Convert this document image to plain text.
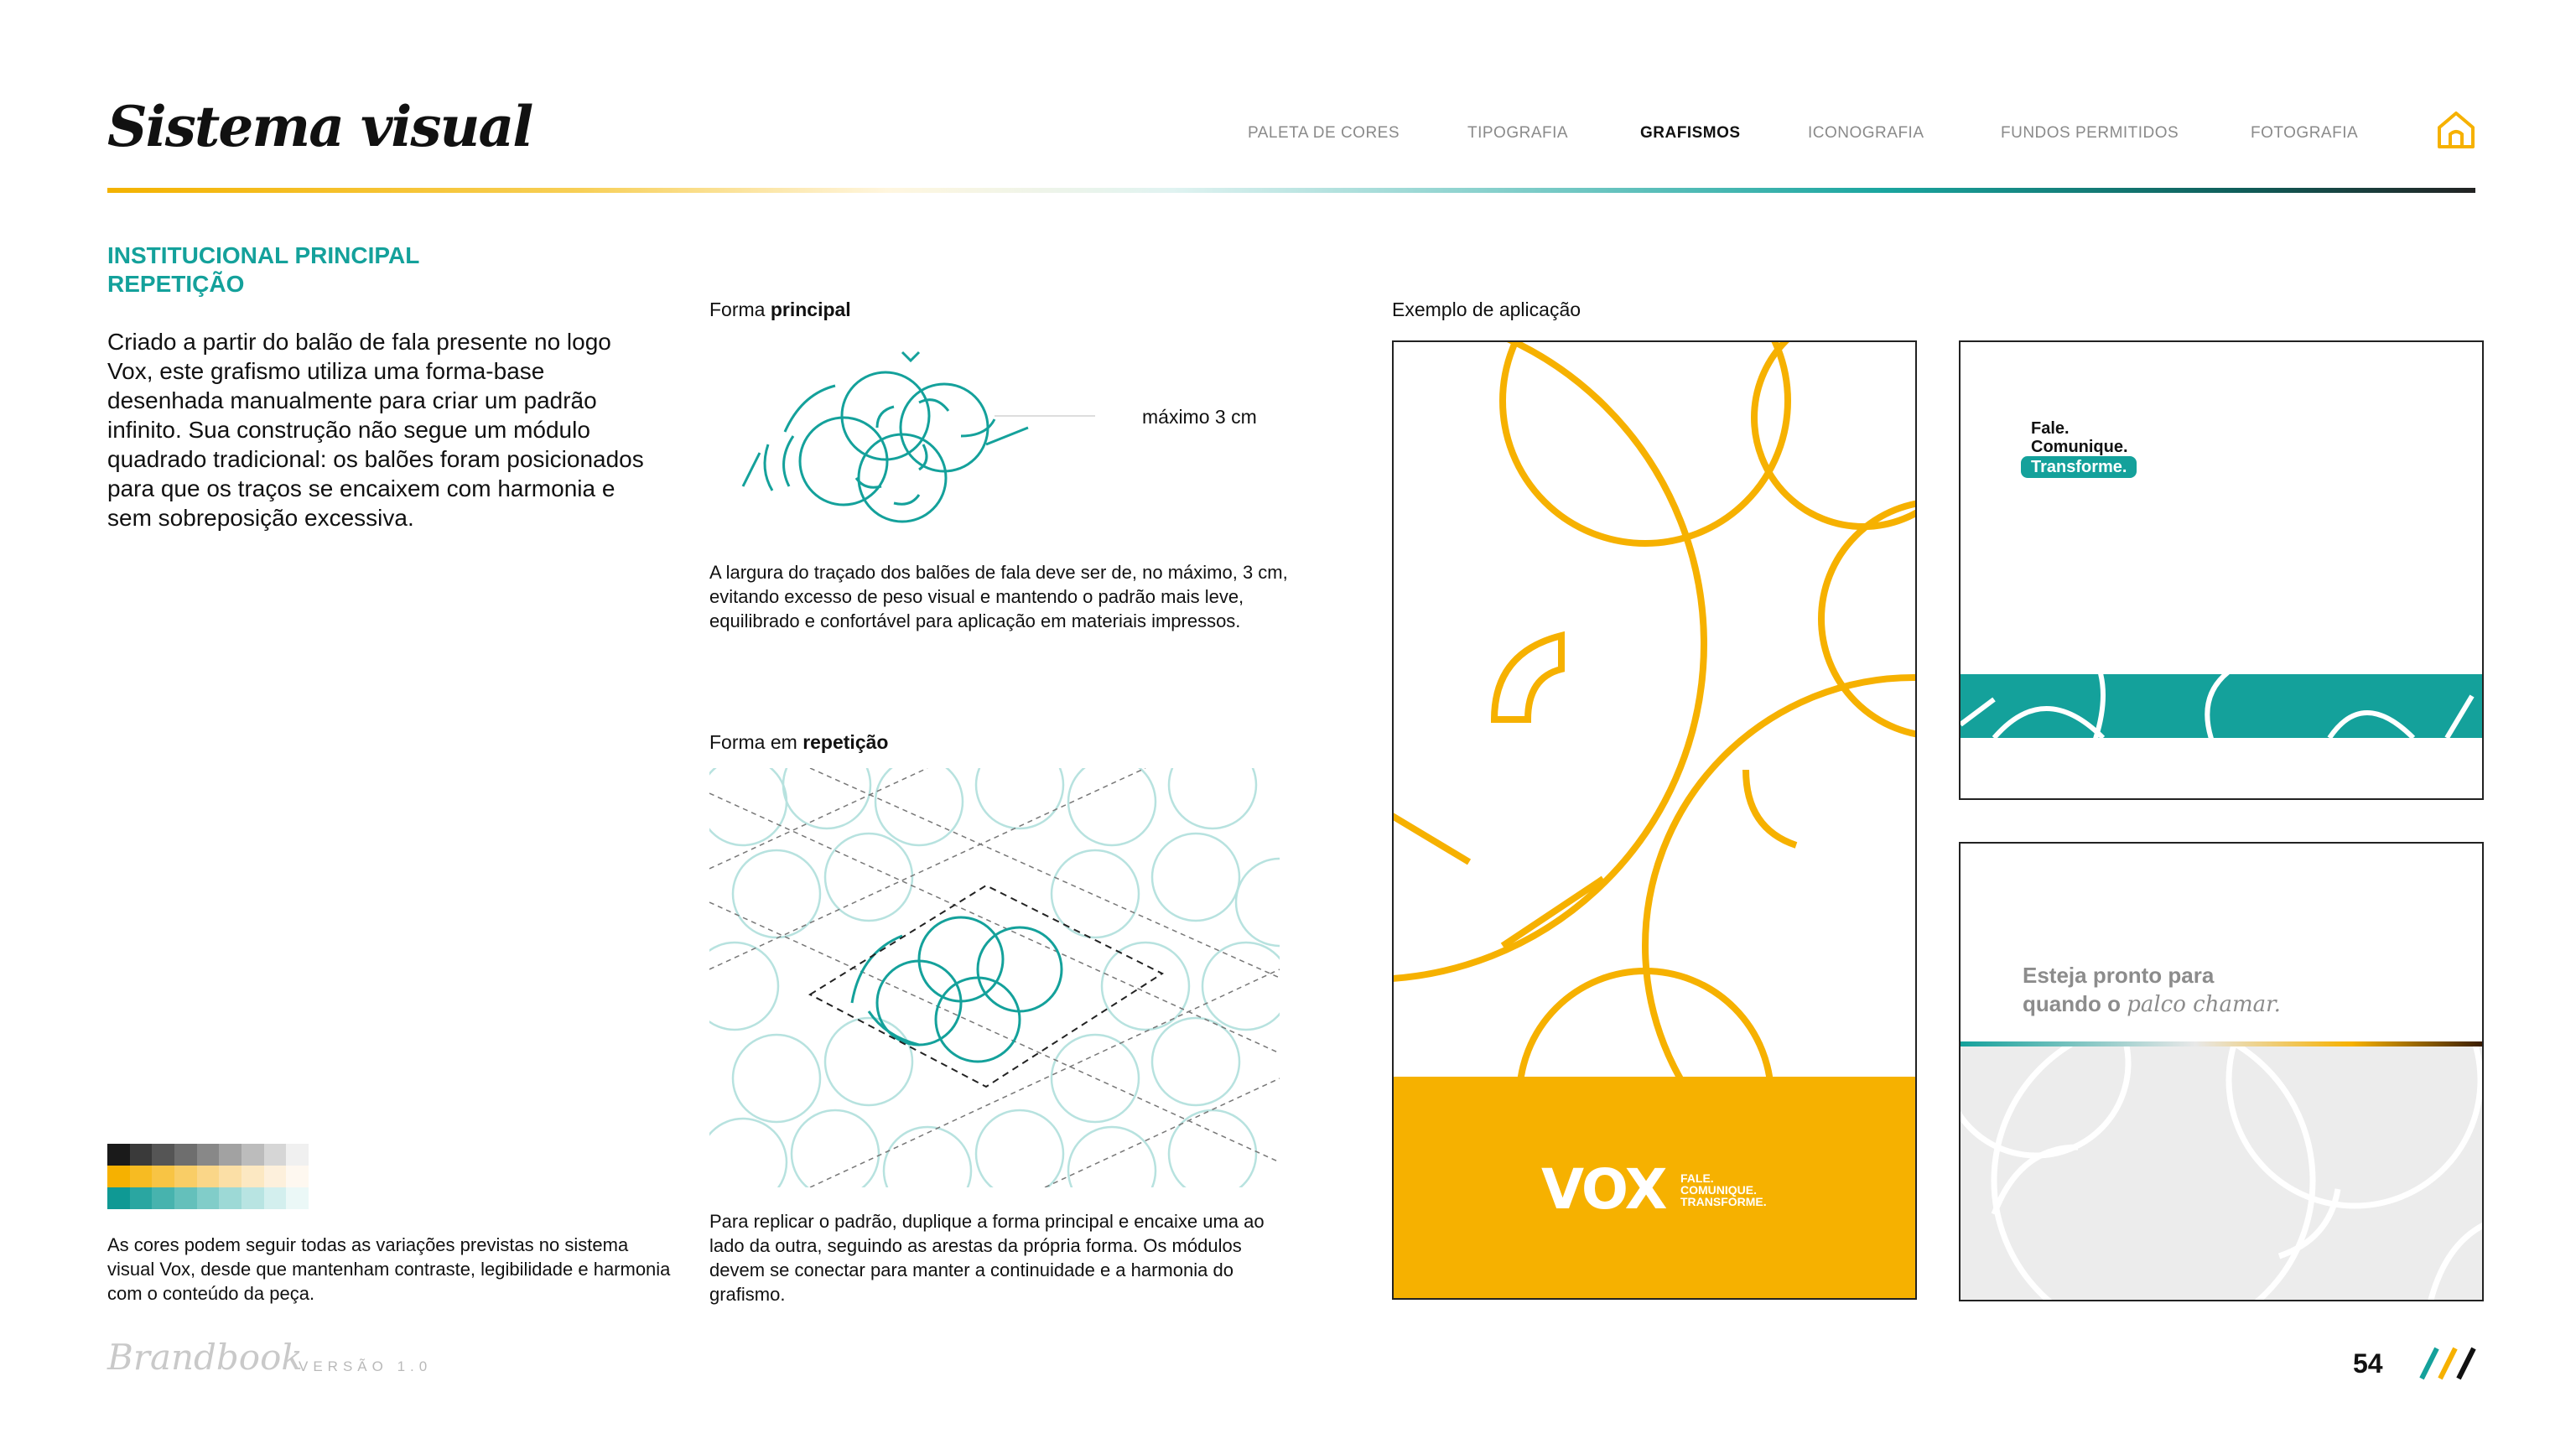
Sistema visual	PALETA DE CORES	TIPOGRAFIA	GRAFISMOS	ICONOGRAFIA	FUNDOS PERMITIDOS	FOTOGRAFIA
INSTITUCIONAL PRINCIPAL
REPETIÇÃO
Criado a partir do balão de fala presente no logo Vox, este grafismo utiliza uma forma-base desenhada manualmente para criar um padrão infinito. Sua construção não segue um módulo quadrado tradicional: os balões foram posicionados para que os traços se encaixem com harmonia e sem sobreposição excessiva.
As cores podem seguir todas as variações previstas no sistema visual Vox, desde que mantenham contraste, legibilidade e harmonia com o conteúdo da peça.
Forma principal
máximo 3 cm
A largura do traçado dos balões de fala deve ser de, no máximo, 3 cm, evitando excesso de peso visual e mantendo o padrão mais leve, equilibrado e confortável para aplicação em materiais impressos.
Forma em repetição
Para replicar o padrão, duplique a forma principal e encaixe uma ao lado da outra, seguindo as arestas da própria forma. Os módulos devem se conectar para manter a continuidade e a harmonia do grafismo.
Exemplo de aplicação
VOX FALE.
COMUNIQUE.
TRANSFORME.
Fale.
Comunique.
Transforme.
Esteja pronto para
quando o palco chamar.
Brandbook
VERSÃO 1.0	54
